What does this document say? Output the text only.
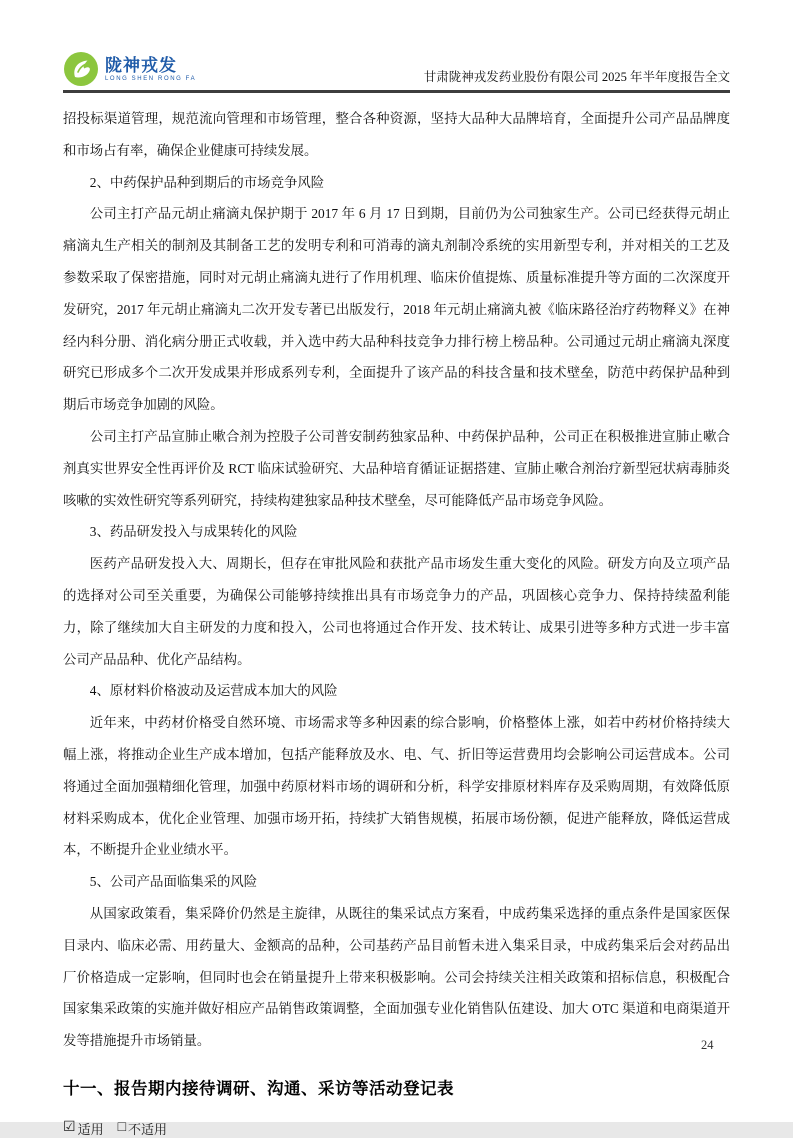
陇神戎发
LONG SHEN RONG FA	甘肃陇神戎发药业股份有限公司 2025 年半年度报告全文

招投标渠道管理，规范流向管理和市场管理，整合各种资源，坚持大品种大品牌培育，全面提升公司产品品牌度和市场占有率，确保企业健康可持续发展。

2、中药保护品种到期后的市场竞争风险

公司主打产品元胡止痛滴丸保护期于 2017 年 6 月 17 日到期，目前仍为公司独家生产。公司已经获得元胡止痛滴丸生产相关的制剂及其制备工艺的发明专利和可消毒的滴丸剂制冷系统的实用新型专利，并对相关的工艺及参数采取了保密措施，同时对元胡止痛滴丸进行了作用机理、临床价值提炼、质量标准提升等方面的二次深度开发研究，2017 年元胡止痛滴丸二次开发专著已出版发行，2018 年元胡止痛滴丸被《临床路径治疗药物释义》在神经内科分册、消化病分册正式收载，并入选中药大品种科技竞争力排行榜上榜品种。公司通过元胡止痛滴丸深度研究已形成多个二次开发成果并形成系列专利，全面提升了该产品的科技含量和技术壁垒，防范中药保护品种到期后市场竞争加剧的风险。

公司主打产品宣肺止嗽合剂为控股子公司普安制药独家品种、中药保护品种，公司正在积极推进宣肺止嗽合剂真实世界安全性再评价及 RCT 临床试验研究、大品种培育循证证据搭建、宣肺止嗽合剂治疗新型冠状病毒肺炎咳嗽的实效性研究等系列研究，持续构建独家品种技术壁垒，尽可能降低产品市场竞争风险。

3、药品研发投入与成果转化的风险

医药产品研发投入大、周期长，但存在审批风险和获批产品市场发生重大变化的风险。研发方向及立项产品的选择对公司至关重要，为确保公司能够持续推出具有市场竞争力的产品，巩固核心竞争力、保持持续盈利能力，除了继续加大自主研发的力度和投入，公司也将通过合作开发、技术转让、成果引进等多种方式进一步丰富公司产品品种、优化产品结构。

4、原材料价格波动及运营成本加大的风险

近年来，中药材价格受自然环境、市场需求等多种因素的综合影响，价格整体上涨，如若中药材价格持续大幅上涨，将推动企业生产成本增加，包括产能释放及水、电、气、折旧等运营费用均会影响公司运营成本。公司将通过全面加强精细化管理，加强中药原材料市场的调研和分析，科学安排原材料库存及采购周期，有效降低原材料采购成本，优化企业管理、加强市场开拓，持续扩大销售规模，拓展市场份额，促进产能释放，降低运营成本，不断提升企业业绩水平。

5、公司产品面临集采的风险

从国家政策看，集采降价仍然是主旋律，从既往的集采试点方案看，中成药集采选择的重点条件是国家医保目录内、临床必需、用药量大、金额高的品种，公司基药产品目前暂未进入集采目录，中成药集采后会对药品出厂价格造成一定影响，但同时也会在销量提升上带来积极影响。公司会持续关注相关政策和招标信息，积极配合国家集采政策的实施并做好相应产品销售政策调整，全面加强专业化销售队伍建设、加大 OTC 渠道和电商渠道开发等措施提升市场销量。

十一、报告期内接待调研、沟通、采访等活动登记表
☑ 适用 □ 不适用
24
